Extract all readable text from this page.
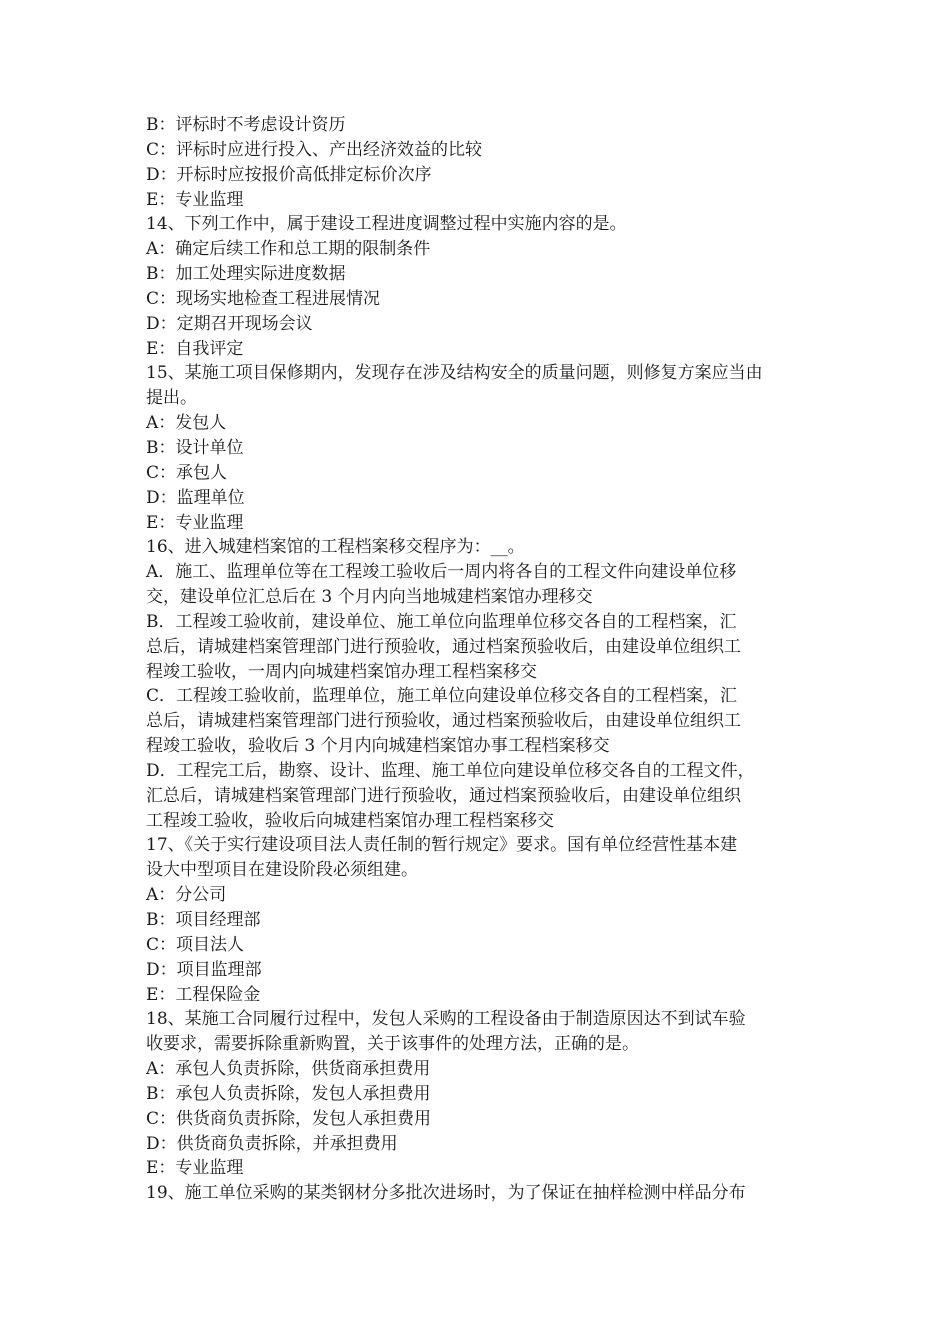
B：评标时不考虑设计资历
C：评标时应进行投入、产出经济效益的比较
D：开标时应按报价高低排定标价次序
E：专业监理
14、下列工作中，属于建设工程进度调整过程中实施内容的是。
A：确定后续工作和总工期的限制条件
B：加工处理实际进度数据
C：现场实地检查工程进展情况
D：定期召开现场会议
E：自我评定
15、某施工项目保修期内，发现存在涉及结构安全的质量问题，则修复方案应当由
提出。
A：发包人
B：设计单位
C：承包人
D：监理单位
E：专业监理
16、进入城建档案馆的工程档案移交程序为：__。
A．施工、监理单位等在工程竣工验收后一周内将各自的工程文件向建设单位移
交，建设单位汇总后在 3 个月内向当地城建档案馆办理移交
B．工程竣工验收前，建设单位、施工单位向监理单位移交各自的工程档案，汇
总后，请城建档案管理部门进行预验收，通过档案预验收后，由建设单位组织工
程竣工验收，一周内向城建档案馆办理工程档案移交
C．工程竣工验收前，监理单位，施工单位向建设单位移交各自的工程档案，汇
总后，请城建档案管理部门进行预验收，通过档案预验收后，由建设单位组织工
程竣工验收，验收后 3 个月内向城建档案馆办事工程档案移交
D．工程完工后，勘察、设计、监理、施工单位向建设单位移交各自的工程文件，
汇总后，请城建档案管理部门进行预验收，通过档案预验收后，由建设单位组织
工程竣工验收，验收后向城建档案馆办理工程档案移交
17、《关于实行建设项目法人责任制的暂行规定》要求。国有单位经营性基本建
设大中型项目在建设阶段必须组建。
A：分公司
B：项目经理部
C：项目法人
D：项目监理部
E：工程保险金
18、某施工合同履行过程中，发包人采购的工程设备由于制造原因达不到试车验
收要求，需要拆除重新购置，关于该事件的处理方法，正确的是。
A：承包人负责拆除，供货商承担费用
B：承包人负责拆除，发包人承担费用
C：供货商负责拆除，发包人承担费用
D：供货商负责拆除，并承担费用
E：专业监理
19、施工单位采购的某类钢材分多批次进场时，为了保证在抽样检测中样品分布
